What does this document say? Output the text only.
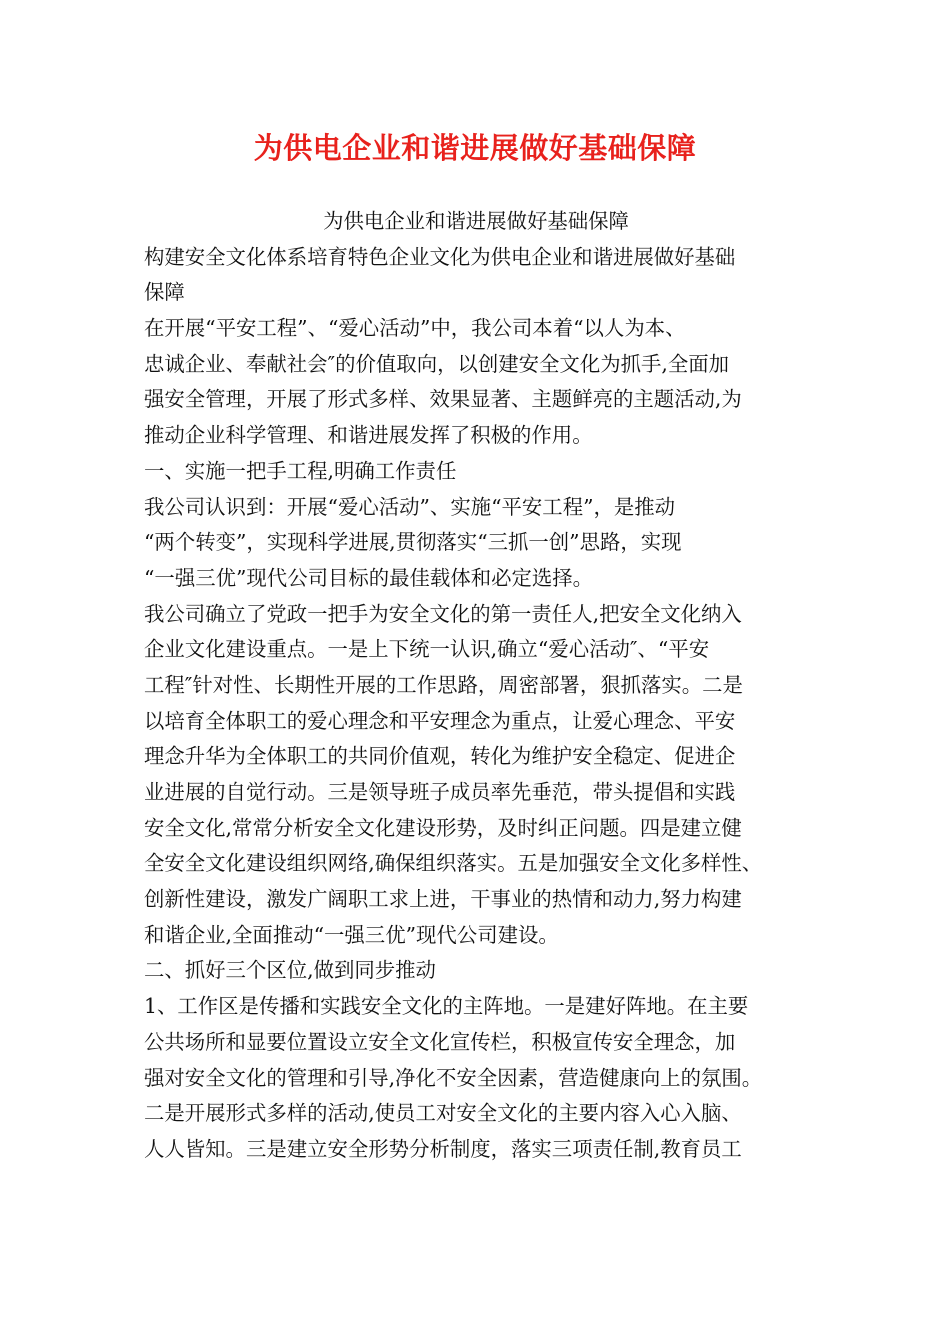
为供电企业和谐进展做好基础保障
为供电企业和谐进展做好基础保障
构建安全文化体系培育特色企业文化为供电企业和谐进展做好基础
保障
在开展“平安工程”、“爱心活动”中，我公司本着“以人为本、
忠诚企业、奉献社会″的价值取向，以创建安全文化为抓手,全面加
强安全管理，开展了形式多样、效果显著、主题鲜亮的主题活动,为
推动企业科学管理、和谐进展发挥了积极的作用。
一、实施一把手工程,明确工作责任
我公司认识到：开展“爱心活动”、实施“平安工程”，是推动
“两个转变”，实现科学进展,贯彻落实“三抓一创”思路，实现
“一强三优”现代公司目标的最佳载体和必定选择。
我公司确立了党政一把手为安全文化的第一责任人,把安全文化纳入
企业文化建设重点。一是上下统一认识,确立“爱心活动″、“平安
工程″针对性、长期性开展的工作思路，周密部署，狠抓落实。二是
以培育全体职工的爱心理念和平安理念为重点，让爱心理念、平安
理念升华为全体职工的共同价值观，转化为维护安全稳定、促进企
业进展的自觉行动。三是领导班子成员率先垂范，带头提倡和实践
安全文化,常常分析安全文化建设形势，及时纠正问题。四是建立健
全安全文化建设组织网络,确保组织落实。五是加强安全文化多样性、
创新性建设，激发广阔职工求上进，干事业的热情和动力,努力构建
和谐企业,全面推动“一强三优”现代公司建设。
二、抓好三个区位,做到同步推动
1、工作区是传播和实践安全文化的主阵地。一是建好阵地。在主要
公共场所和显要位置设立安全文化宣传栏，积极宣传安全理念，加
强对安全文化的管理和引导,净化不安全因素，营造健康向上的氛围。
二是开展形式多样的活动,使员工对安全文化的主要内容入心入脑、
人人皆知。三是建立安全形势分析制度，落实三项责任制,教育员工
